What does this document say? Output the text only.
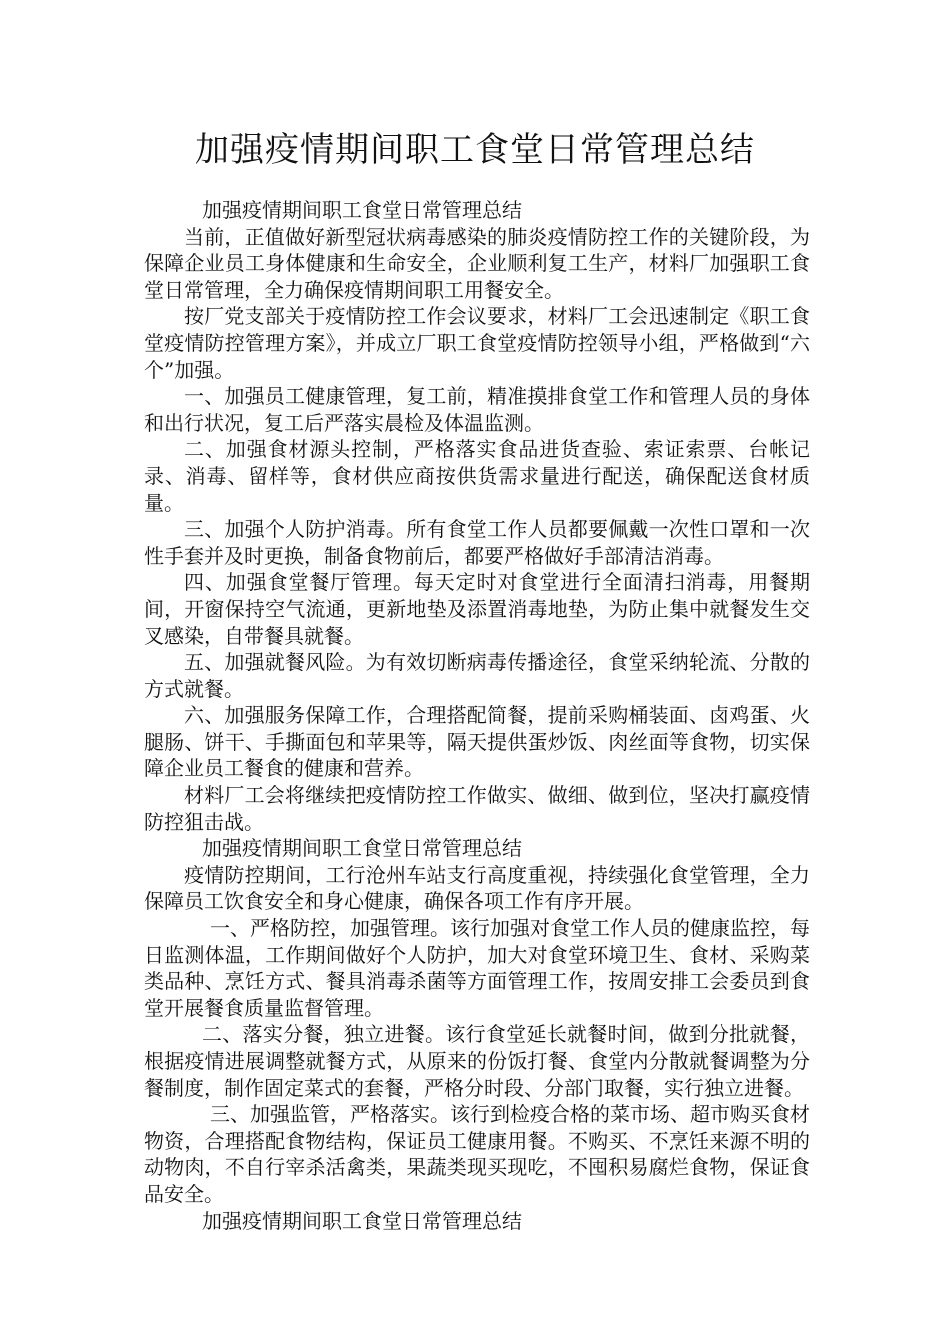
加强疫情期间职工食堂日常管理总结

加强疫情期间职工食堂日常管理总结

当前，正值做好新型冠状病毒感染的肺炎疫情防控工作的关键阶段，为保障企业员工身体健康和生命安全，企业顺利复工生产，材料厂加强职工食堂日常管理，全力确保疫情期间职工用餐安全。

按厂党支部关于疫情防控工作会议要求，材料厂工会迅速制定《职工食堂疫情防控管理方案》，并成立厂职工食堂疫情防控领导小组，严格做到“六个”加强。

一、加强员工健康管理，复工前，精准摸排食堂工作和管理人员的身体和出行状况，复工后严落实晨检及体温监测。

二、加强食材源头控制，严格落实食品进货查验、索证索票、台帐记录、消毒、留样等，食材供应商按供货需求量进行配送，确保配送食材质量。

三、加强个人防护消毒。所有食堂工作人员都要佩戴一次性口罩和一次性手套并及时更换，制备食物前后，都要严格做好手部清洁消毒。

四、加强食堂餐厅管理。每天定时对食堂进行全面清扫消毒，用餐期间，开窗保持空气流通，更新地垫及添置消毒地垫，为防止集中就餐发生交叉感染，自带餐具就餐。

五、加强就餐风险。为有效切断病毒传播途径，食堂采纳轮流、分散的方式就餐。

六、加强服务保障工作，合理搭配简餐，提前采购桶装面、卤鸡蛋、火腿肠、饼干、手撕面包和苹果等，隔天提供蛋炒饭、肉丝面等食物，切实保障企业员工餐食的健康和营养。

材料厂工会将继续把疫情防控工作做实、做细、做到位，坚决打赢疫情防控狙击战。

加强疫情期间职工食堂日常管理总结

疫情防控期间，工行沧州车站支行高度重视，持续强化食堂管理，全力保障员工饮食安全和身心健康，确保各项工作有序开展。

一、严格防控，加强管理。该行加强对食堂工作人员的健康监控，每日监测体温，工作期间做好个人防护，加大对食堂环境卫生、食材、采购菜类品种、烹饪方式、餐具消毒杀菌等方面管理工作，按周安排工会委员到食堂开展餐食质量监督管理。

二、落实分餐，独立进餐。该行食堂延长就餐时间，做到分批就餐，根据疫情进展调整就餐方式，从原来的份饭打餐、食堂内分散就餐调整为分餐制度，制作固定菜式的套餐，严格分时段、分部门取餐，实行独立进餐。

三、加强监管，严格落实。该行到检疫合格的菜市场、超市购买食材物资，合理搭配食物结构，保证员工健康用餐。不购买、不烹饪来源不明的动物肉，不自行宰杀活禽类，果蔬类现买现吃，不囤积易腐烂食物，保证食品安全。

加强疫情期间职工食堂日常管理总结
